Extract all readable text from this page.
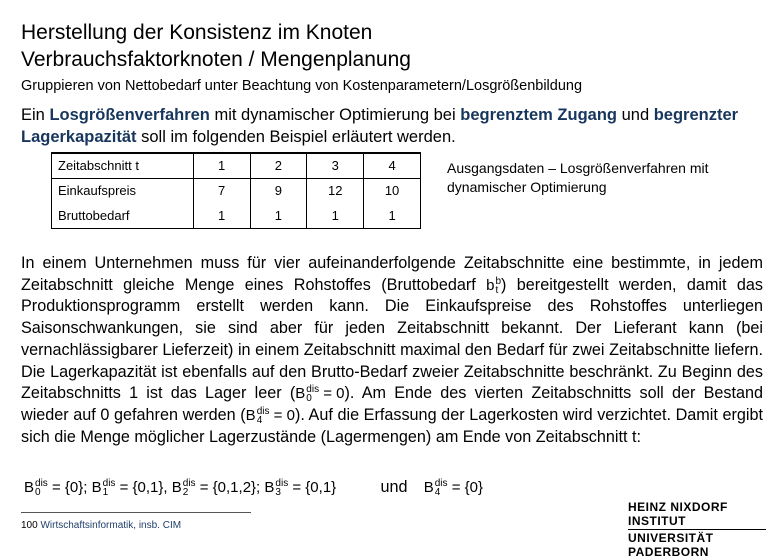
Herstellung der Konsistenz im Knoten
Verbrauchsfaktorknoten / Mengenplanung
Gruppieren von Nettobedarf unter Beachtung von Kostenparametern/Losgrößenbildung
Ein Losgrößenverfahren mit dynamischer Optimierung bei begrenztem Zugang und begrenzter Lagerkapazität soll im folgenden Beispiel erläutert werden.
Zeitabschnitt t	1	2	3	4
Einkaufspreis	7	9	12	10
Bruttobedarf	1	1	1	1
Ausgangsdaten – Losgrößenverfahren mit dynamischer Optimierung
In einem Unternehmen muss für vier aufeinanderfolgende Zeitabschnitte eine bestimmte, in jedem Zeitabschnitt gleiche Menge eines Rohstoffes (Bruttobedarf b b
t ) bereitgestellt werden, damit das Produktionsprogramm erstellt werden kann. Die Einkaufspreise des Rohstoffes unterliegen Saisonschwankungen, sie sind aber für jeden Zeitabschnitt bekannt. Der Lieferant kann (bei vernachlässigbarer Lieferzeit) in einem Zeitabschnitt maximal den Bedarf für zwei Zeitabschnitte liefern. Die Lagerkapazität ist ebenfalls auf den Brutto-Bedarf zweier Zeitabschnitte beschränkt. Zu Beginn des Zeitabschnitts 1 ist das Lager leer (B dis
0 = 0). Am Ende des vierten Zeitabschnitts soll der Bestand wieder auf 0 gefahren werden (B dis
4 = 0). Auf die Erfassung der Lagerkosten wird verzichtet. Damit ergibt sich die Menge möglicher Lagerzustände (Lagermengen) am Ende von Zeitabschnitt t:
B dis
0 = {0}; B dis
1 = {0,1}, B dis
2 = {0,1,2}; B dis
3 = {0,1}	und B dis
4 = {0}
100 Wirtschaftsinformatik, insb. CIM
HEINZ NIXDORF INSTITUT
UNIVERSITÄT PADERBORN
